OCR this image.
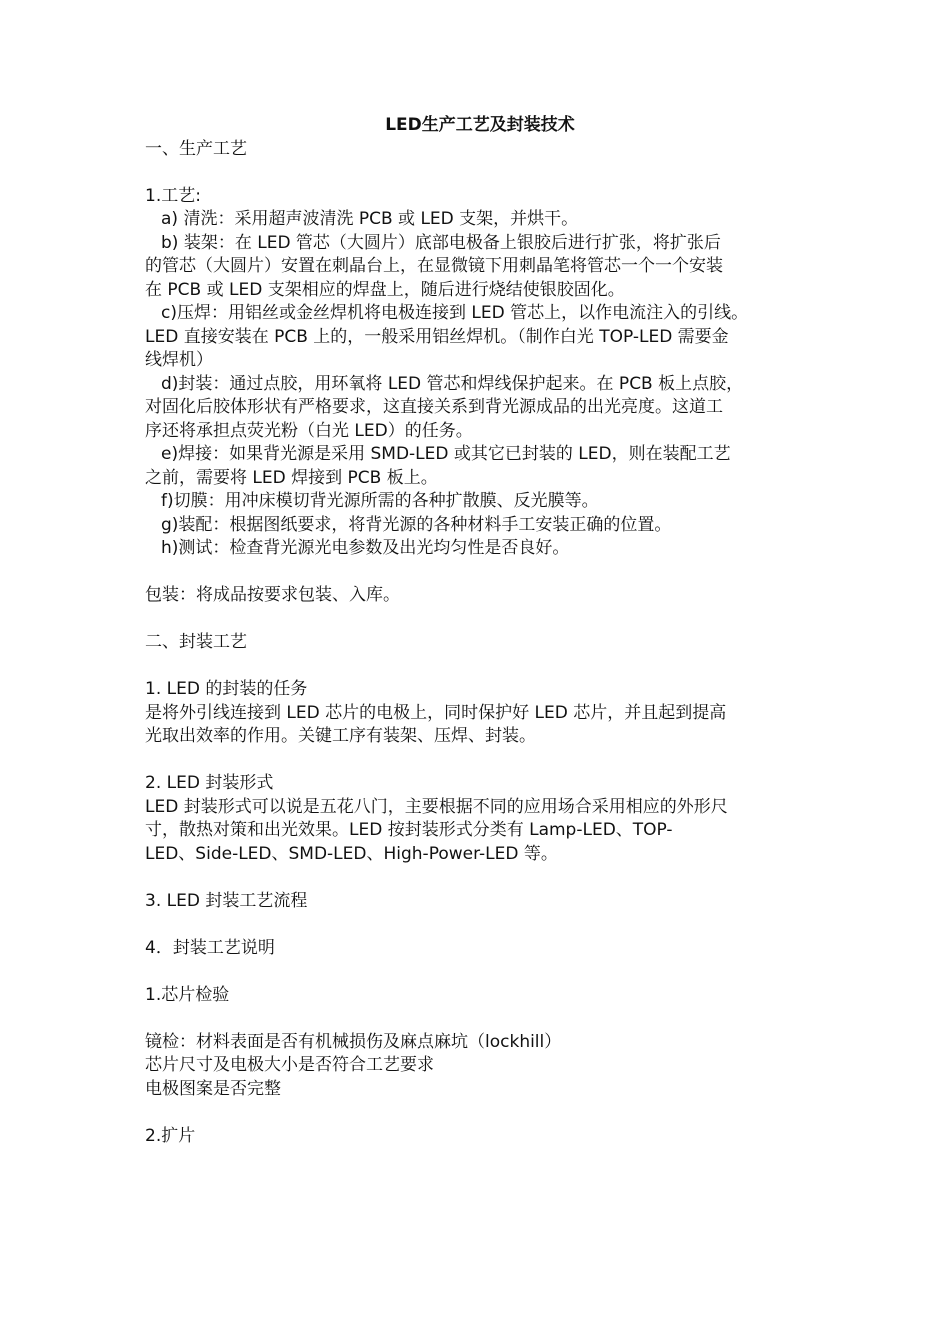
LED生产工艺及封装技术

一、生产工艺

1.工艺:

a) 清洗：采用超声波清洗 PCB 或 LED 支架，并烘干。

b) 装架：在 LED 管芯（大圆片）底部电极备上银胶后进行扩张，将扩张后

的管芯（大圆片）安置在刺晶台上，在显微镜下用刺晶笔将管芯一个一个安装

在 PCB 或 LED 支架相应的焊盘上，随后进行烧结使银胶固化。

c)压焊：用铝丝或金丝焊机将电极连接到 LED 管芯上，以作电流注入的引线。

LED 直接安装在 PCB 上的，一般采用铝丝焊机。（制作白光 TOP-LED 需要金

线焊机）

d)封装：通过点胶，用环氧将 LED 管芯和焊线保护起来。在 PCB 板上点胶，

对固化后胶体形状有严格要求，这直接关系到背光源成品的出光亮度。这道工

序还将承担点荧光粉（白光 LED）的任务。

e)焊接：如果背光源是采用 SMD-LED 或其它已封装的 LED，则在装配工艺

之前，需要将 LED 焊接到 PCB 板上。

f)切膜：用冲床模切背光源所需的各种扩散膜、反光膜等。

g)装配：根据图纸要求，将背光源的各种材料手工安装正确的位置。

h)测试：检查背光源光电参数及出光均匀性是否良好。

包装：将成品按要求包装、入库。

二、封装工艺

1. LED 的封装的任务

是将外引线连接到 LED 芯片的电极上，同时保护好 LED 芯片，并且起到提高

光取出效率的作用。关键工序有装架、压焊、封装。

2. LED 封装形式

LED 封装形式可以说是五花八门，主要根据不同的应用场合采用相应的外形尺

寸，散热对策和出光效果。LED 按封装形式分类有 Lamp-LED、TOP-

LED、Side-LED、SMD-LED、High-Power-LED 等。

3. LED 封装工艺流程

4．封装工艺说明

1.芯片检验

镜检：材料表面是否有机械损伤及麻点麻坑（lockhill）

芯片尺寸及电极大小是否符合工艺要求

电极图案是否完整

2.扩片
